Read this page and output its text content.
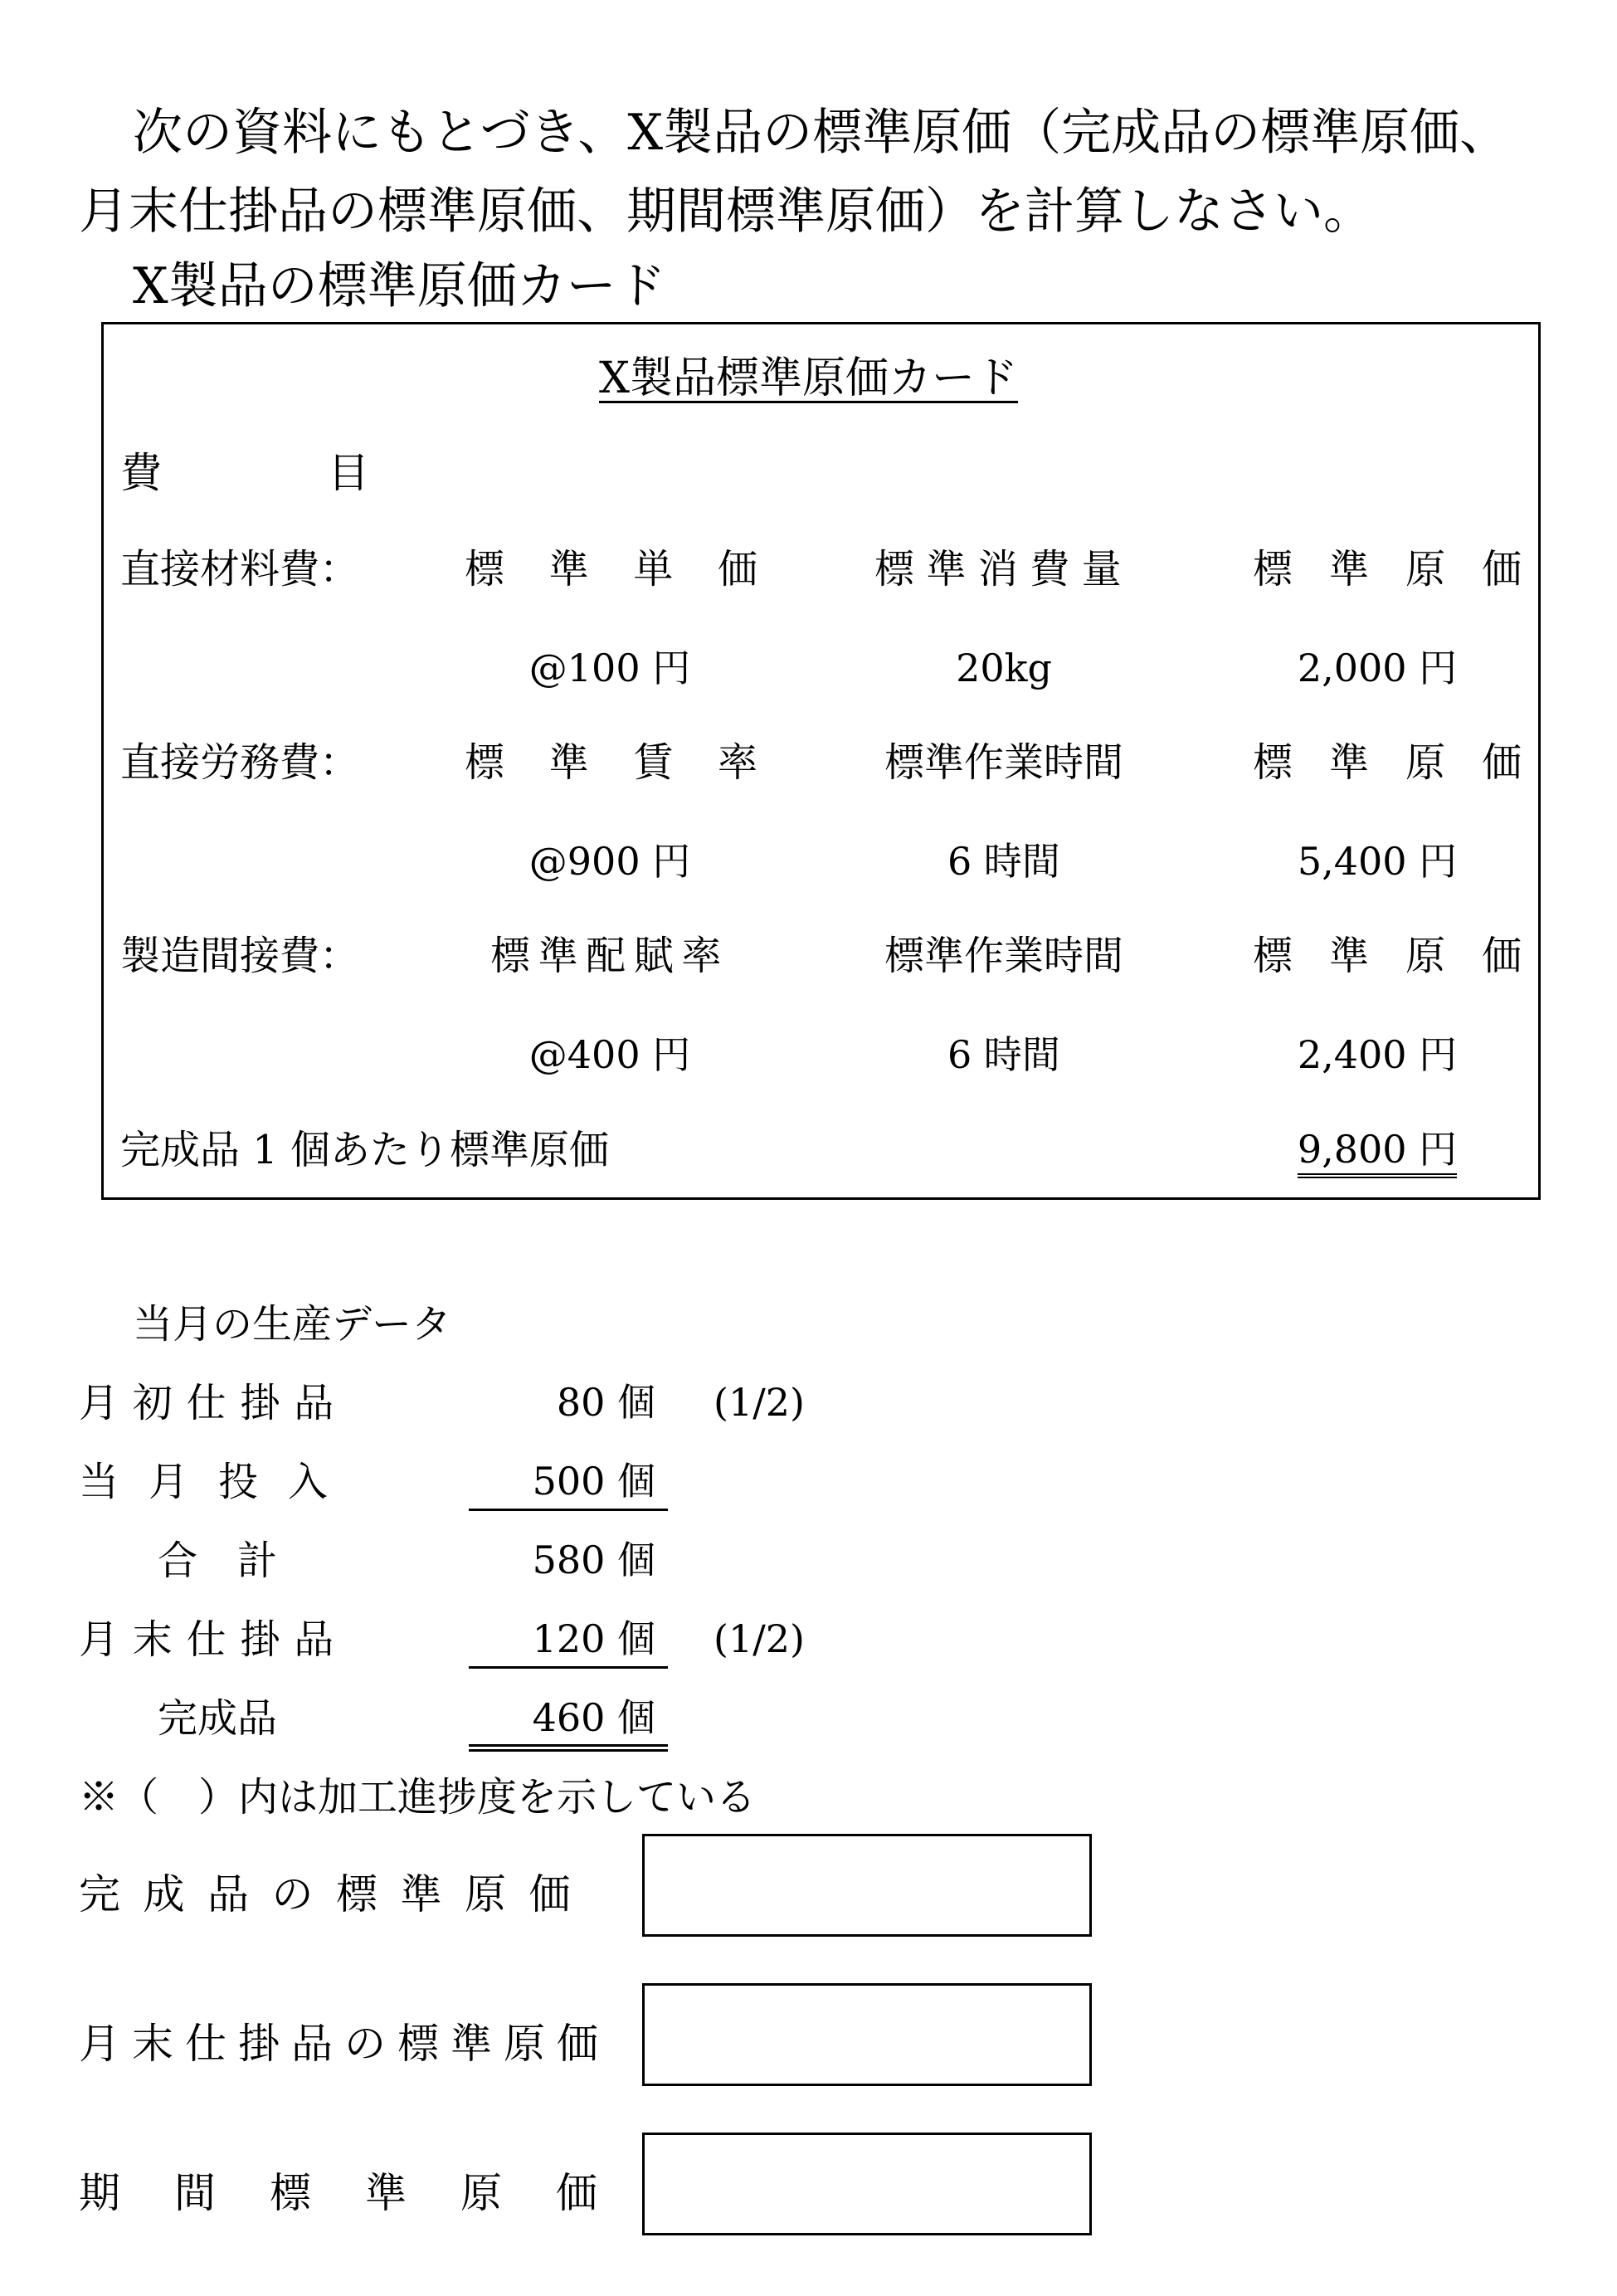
次の資料にもとづき、X製品の標準原価（完成品の標準原価、
月末仕掛品の標準原価、期間標準原価）を計算しなさい。
X製品の標準原価カード
X製品標準原価カード
費　　　　目
直接材料費：	標 準 単 価	標準消費量	標 準 原 価
@100 円	20kg	2,000 円
直接労務費：	標 準 賃 率	標準作業時間	標 準 原 価
@900 円	6 時間	5,400 円
製造間接費：	標準配賦率	標準作業時間	標 準 原 価
@400 円	6 時間	2,400 円
完成品 1 個あたり標準原価	9,800 円
当月の生産データ
月初仕掛品	80 個 (1/2)
当月投入	500 個
合　計	580 個
月末仕掛品	120 個 (1/2)
完成品	460 個
※（　）内は加工進捗度を示している
完成品の標準原価
月末仕掛品の標準原価
期間標準原価
